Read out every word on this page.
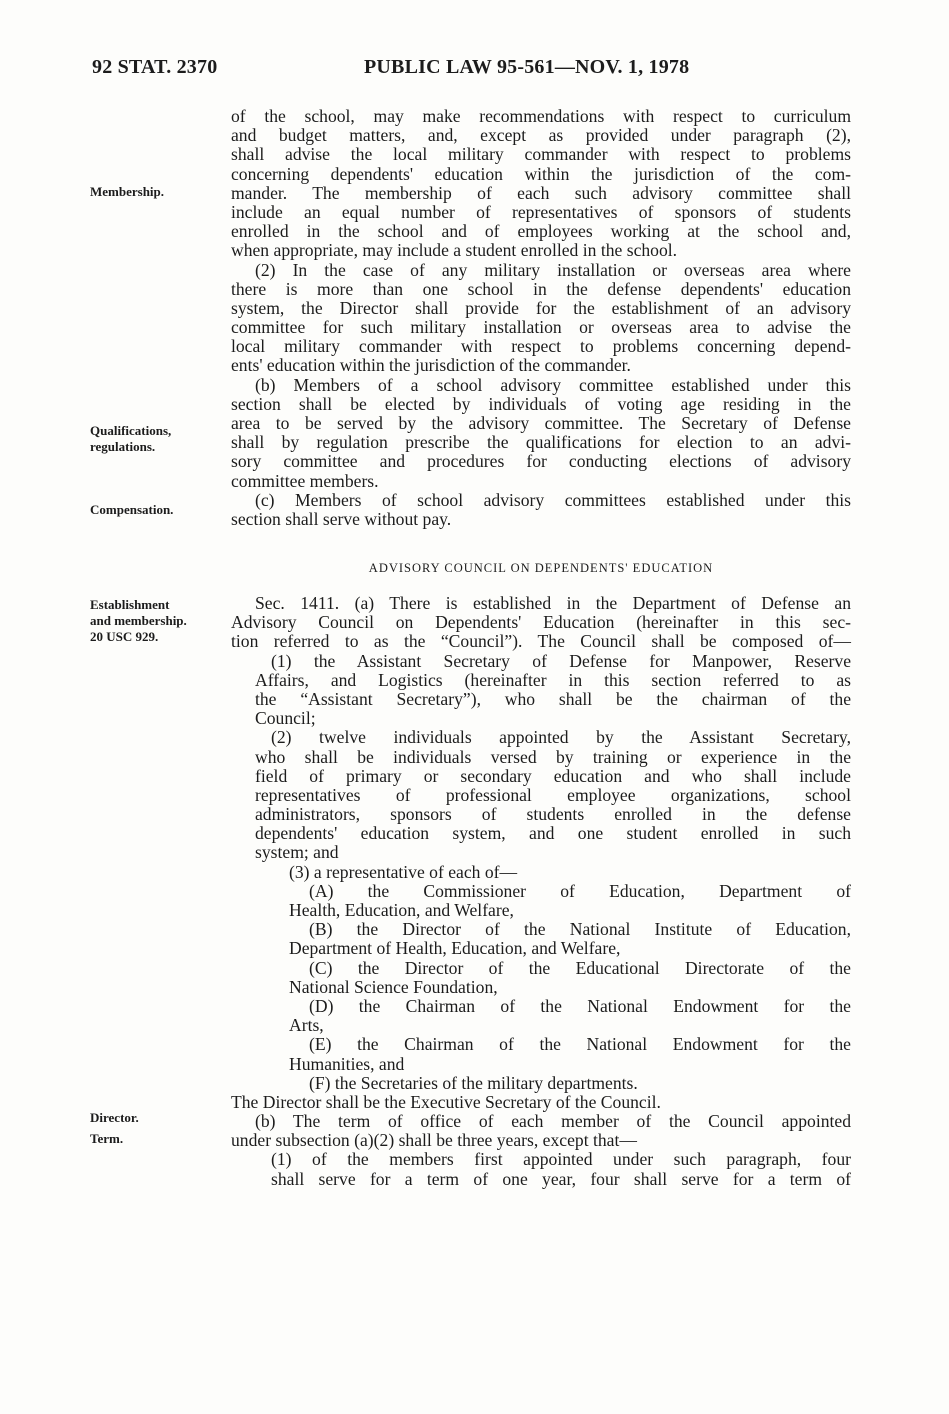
92 STAT. 2370	PUBLIC LAW 95-561—NOV. 1, 1978
Membership.
Qualifications,
regulations.
Compensation.
Establishment
and membership.
20 USC 929.
Director.
Term.
of the school, may make recommendations with respect to curriculum
and budget matters, and, except as provided under paragraph (2),
shall advise the local military commander with respect to problems
concerning dependents' education within the jurisdiction of the com-
mander. The membership of each such advisory committee shall
include an equal number of representatives of sponsors of students
enrolled in the school and of employees working at the school and,
when appropriate, may include a student enrolled in the school.
(2) In the case of any military installation or overseas area where
there is more than one school in the defense dependents' education
system, the Director shall provide for the establishment of an advisory
committee for such military installation or overseas area to advise the
local military commander with respect to problems concerning depend-
ents' education within the jurisdiction of the commander.
(b) Members of a school advisory committee established under this
section shall be elected by individuals of voting age residing in the
area to be served by the advisory committee. The Secretary of Defense
shall by regulation prescribe the qualifications for election to an advi-
sory committee and procedures for conducting elections of advisory
committee members.
(c) Members of school advisory committees established under this
section shall serve without pay.
ADVISORY COUNCIL ON DEPENDENTS' EDUCATION
Sec. 1411. (a) There is established in the Department of Defense an
Advisory Council on Dependents' Education (hereinafter in this sec-
tion referred to as the “Council”). The Council shall be composed of—
(1) the Assistant Secretary of Defense for Manpower, Reserve
Affairs, and Logistics (hereinafter in this section referred to as
the “Assistant Secretary”), who shall be the chairman of the
Council;
(2) twelve individuals appointed by the Assistant Secretary,
who shall be individuals versed by training or experience in the
field of primary or secondary education and who shall include
representatives of professional employee organizations, school
administrators, sponsors of students enrolled in the defense
dependents' education system, and one student enrolled in such
system; and
(3) a representative of each of—
(A) the Commissioner of Education, Department of
Health, Education, and Welfare,
(B) the Director of the National Institute of Education,
Department of Health, Education, and Welfare,
(C) the Director of the Educational Directorate of the
National Science Foundation,
(D) the Chairman of the National Endowment for the
Arts,
(E) the Chairman of the National Endowment for the
Humanities, and
(F) the Secretaries of the military departments.
The Director shall be the Executive Secretary of the Council.
(b) The term of office of each member of the Council appointed
under subsection (a)(2) shall be three years, except that—
(1) of the members first appointed under such paragraph, four
shall serve for a term of one year, four shall serve for a term of
